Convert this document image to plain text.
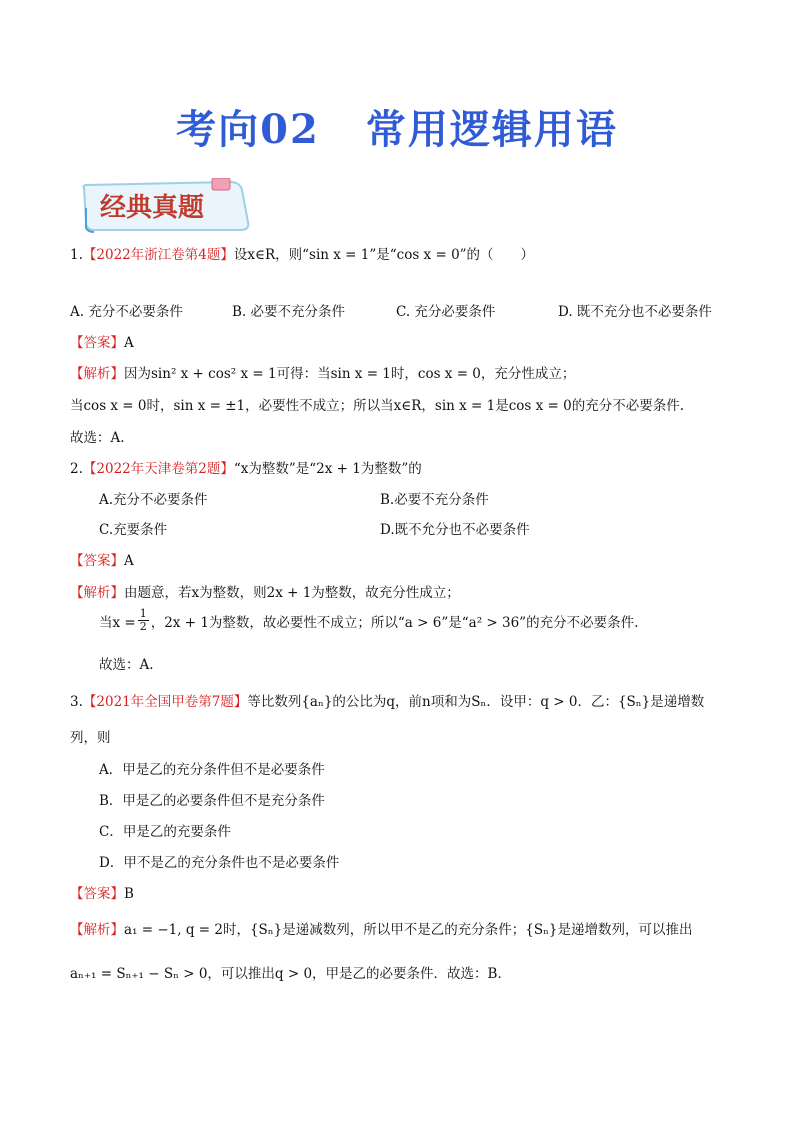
考向02 常用逻辑用语
经典真题
1.【2022年浙江卷第4题】设x∈R，则“sin x = 1”是“cos x = 0”的（　　）
A. 充分不必要条件	B. 必要不充分条件	C. 充分必要条件	D. 既不充分也不必要条件
【答案】A
【解析】因为sin² x + cos² x = 1可得：当sin x = 1时，cos x = 0，充分性成立；
当cos x = 0时，sin x = ±1，必要性不成立；所以当x∈R，sin x = 1是cos x = 0的充分不必要条件.
故选：A.
2.【2022年天津卷第2题】“x为整数”是“2x + 1为整数”的
A.充分不必要条件	B.必要不充分条件
C.充要条件	D.既不允分也不必要条件
【答案】A
【解析】由题意，若x为整数，则2x + 1为整数，故充分性成立；
当$x = \frac{1}{2}$ ，2x + 1为整数，故必要性不成立；所以“a > 6”是“a² > 36”的充分不必要条件.
故选：A.
3.【2021年全国甲卷第7题】等比数列{aₙ}的公比为q，前n项和为Sₙ．设甲：q > 0．乙：{Sₙ}是递增数
列，则
A．甲是乙的充分条件但不是必要条件
B．甲是乙的必要条件但不是充分条件
C．甲是乙的充要条件
D．甲不是乙的充分条件也不是必要条件
【答案】B
【解析】a₁ = −1, q = 2时，{Sₙ}是递减数列，所以甲不是乙的充分条件；{Sₙ}是递增数列，可以推出
aₙ₊₁ = Sₙ₊₁ − Sₙ > 0，可以推出q > 0，甲是乙的必要条件．故选：B．
